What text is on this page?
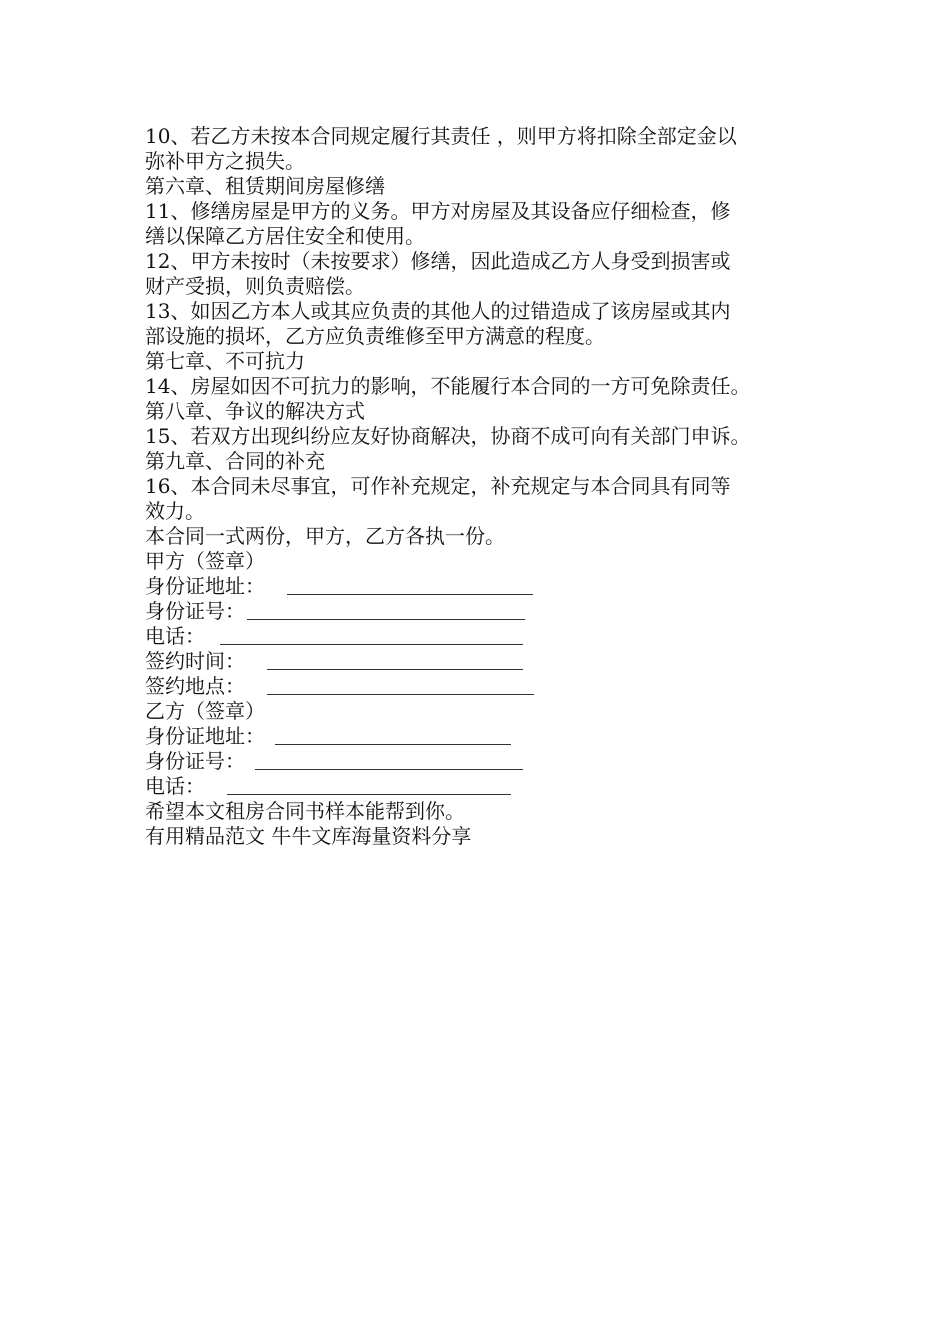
10、若乙方未按本合同规定履行其责任 ，则甲方将扣除全部定金以
弥补甲方之损失。
第六章、租赁期间房屋修缮
11、修缮房屋是甲方的义务。甲方对房屋及其设备应仔细检查，修
缮以保障乙方居住安全和使用。
12、甲方未按时（未按要求）修缮，因此造成乙方人身受到损害或
财产受损，则负责赔偿。
13、如因乙方本人或其应负责的其他人的过错造成了该房屋或其内
部设施的损坏，乙方应负责维修至甲方满意的程度。
第七章、不可抗力
14、房屋如因不可抗力的影响，不能履行本合同的一方可免除责任。
第八章、争议的解决方式
15、若双方出现纠纷应友好协商解决，协商不成可向有关部门申诉。
第九章、合同的补充
16、本合同未尽事宜，可作补充规定，补充规定与本合同具有同等
效力。
本合同一式两份，甲方，乙方各执一份。
甲方（签章）
身份证地址：
身份证号：
电话：
签约时间：
签约地点：
乙方（签章）
身份证地址：
身份证号：
电话：
希望本文租房合同书样本能帮到你。
有用精品范文 牛牛文库海量资料分享
